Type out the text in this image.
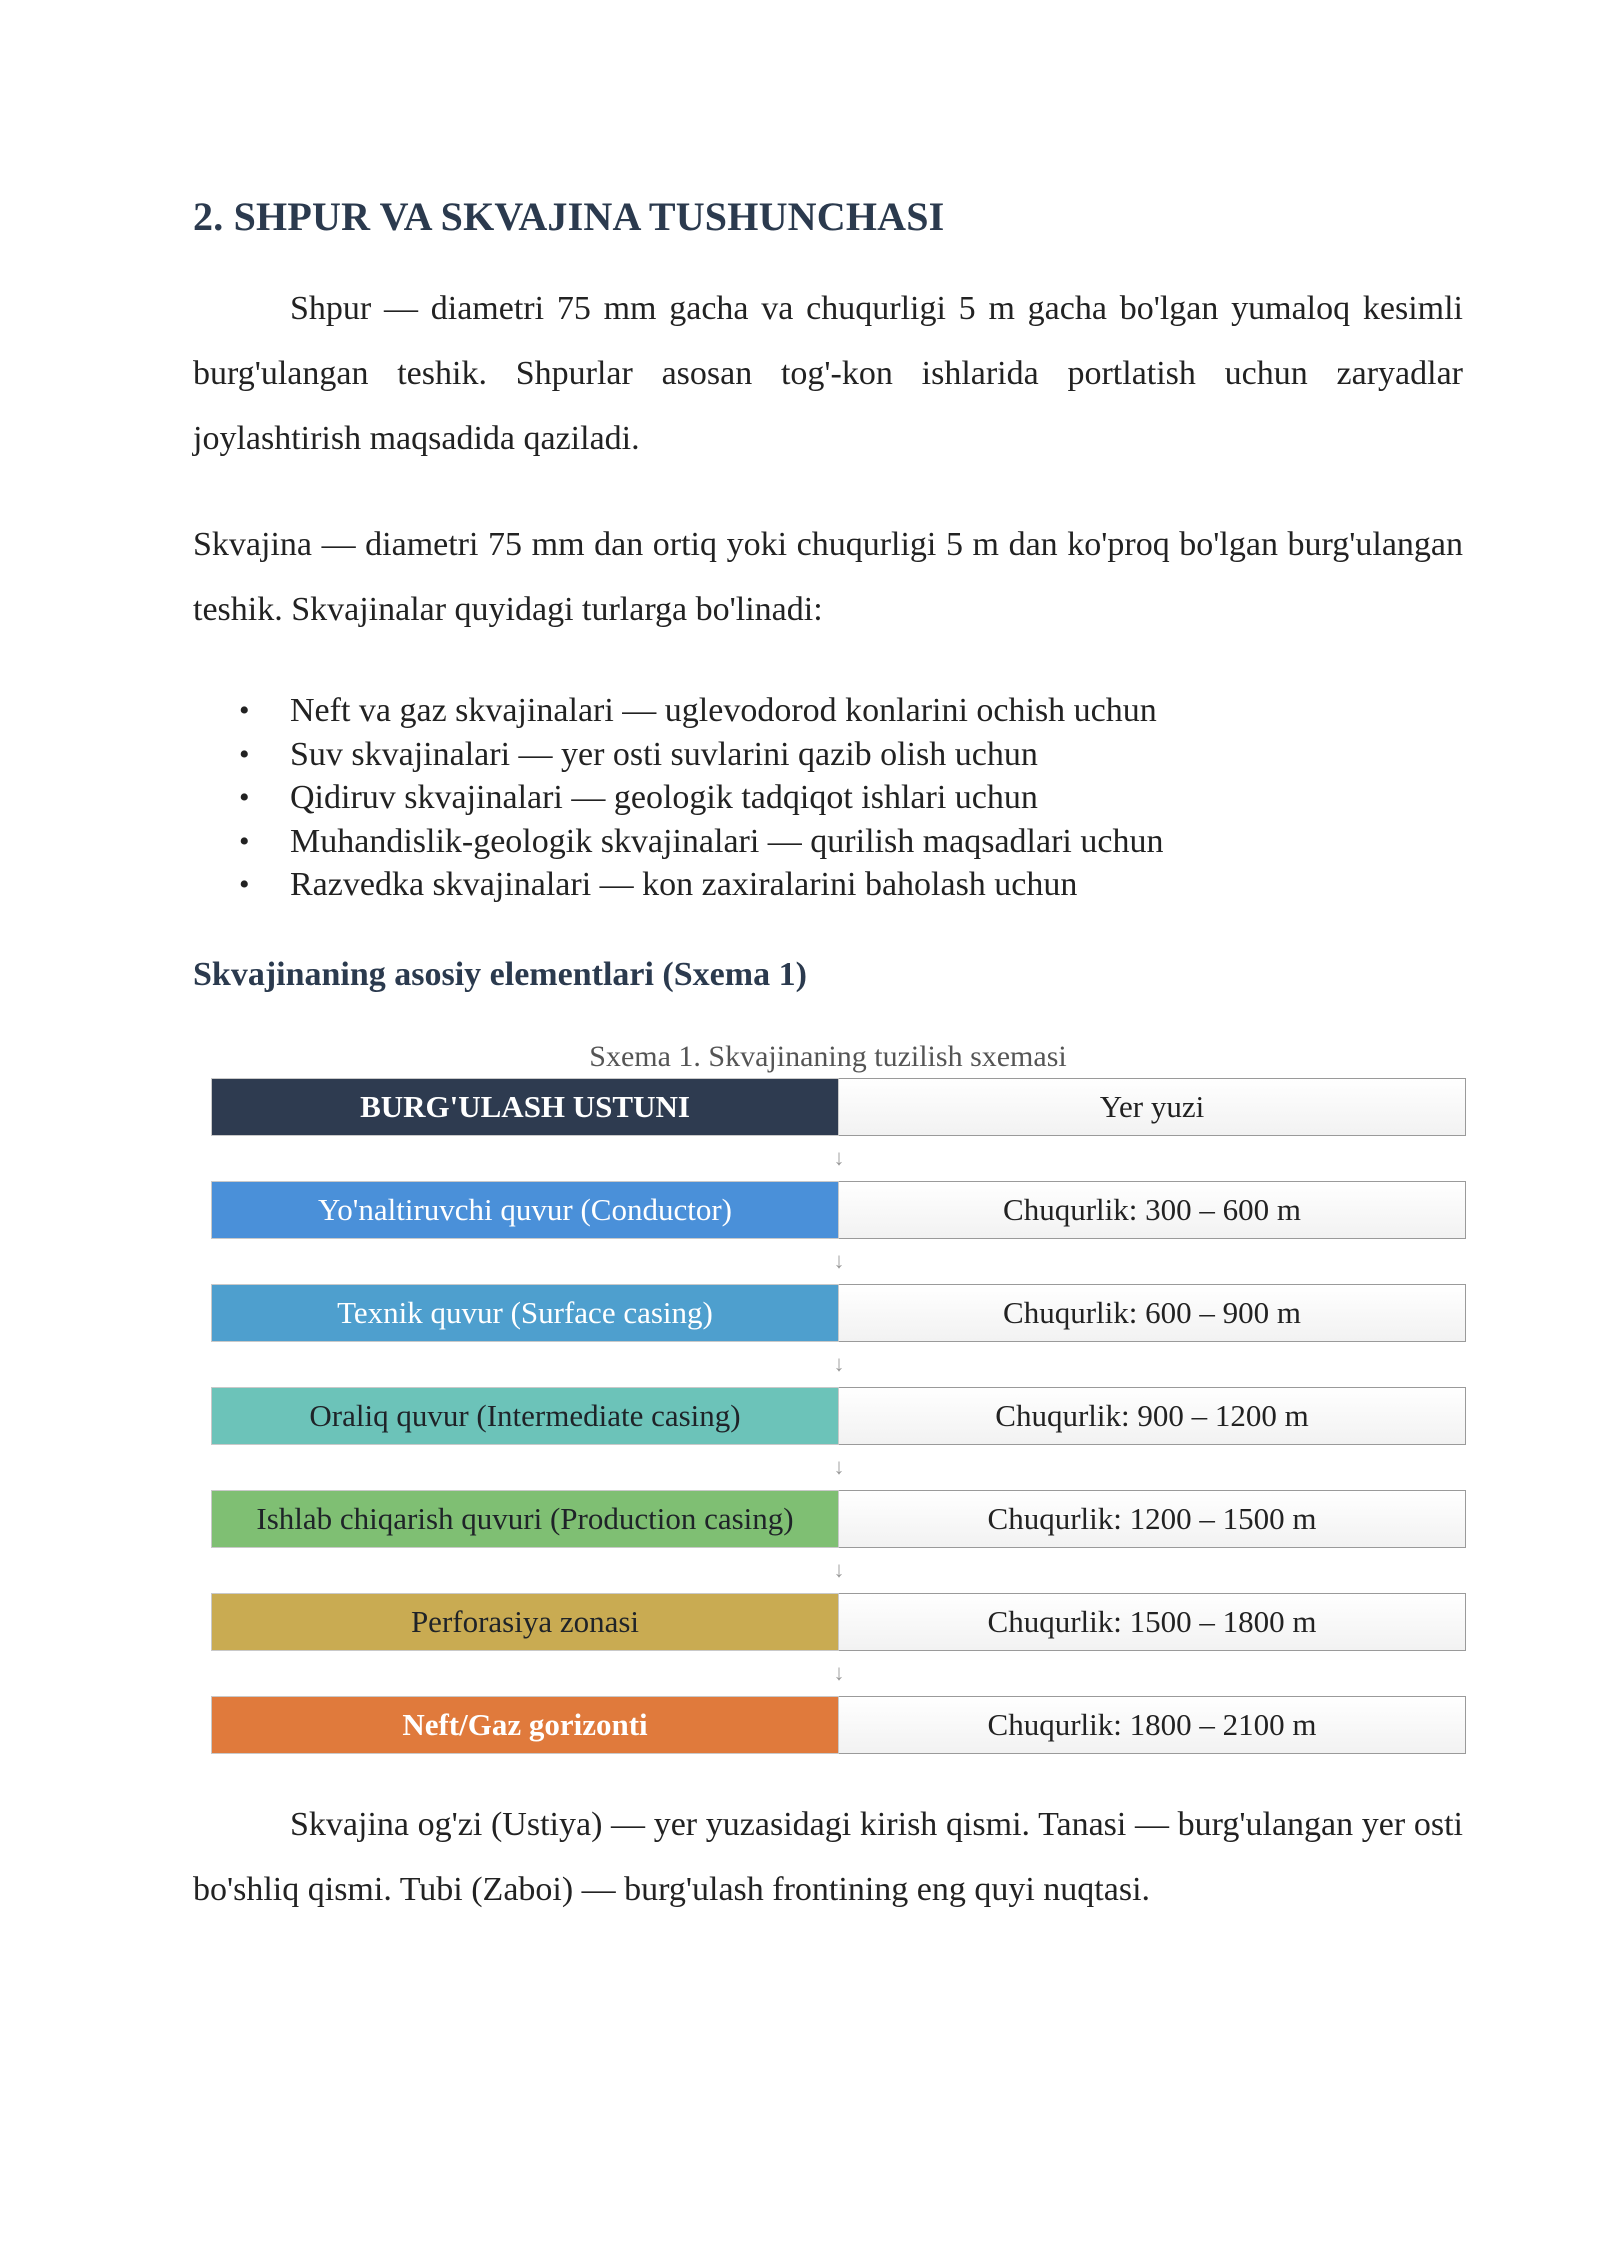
2. SHPUR VA SKVAJINA TUSHUNCHASI
Shpur — diametri 75 mm gacha va chuqurligi 5 m gacha bo'lgan yumaloq kesimli burg'ulangan teshik. Shpurlar asosan tog'-kon ishlarida portlatish uchun zaryadlar joylashtirish maqsadida qaziladi.
Skvajina — diametri 75 mm dan ortiq yoki chuqurligi 5 m dan ko'proq bo'lgan burg'ulangan teshik. Skvajinalar quyidagi turlarga bo'linadi:
• Neft va gaz skvajinalari — uglevodorod konlarini ochish uchun
• Suv skvajinalari — yer osti suvlarini qazib olish uchun
• Qidiruv skvajinalari — geologik tadqiqot ishlari uchun
• Muhandislik-geologik skvajinalari — qurilish maqsadlari uchun
• Razvedka skvajinalari — kon zaxiralarini baholash uchun
Skvajinaning asosiy elementlari (Sxema 1)
Sxema 1. Skvajinaning tuzilish sxemasi
BURG'ULASH USTUNI	Yer yuzi
↓
Yo'naltiruvchi quvur (Conductor)	Chuqurlik: 300 – 600 m
↓
Texnik quvur (Surface casing)	Chuqurlik: 600 – 900 m
↓
Oraliq quvur (Intermediate casing)	Chuqurlik: 900 – 1200 m
↓
Ishlab chiqarish quvuri (Production casing)	Chuqurlik: 1200 – 1500 m
↓
Perforasiya zonasi	Chuqurlik: 1500 – 1800 m
↓
Neft/Gaz gorizonti	Chuqurlik: 1800 – 2100 m
Skvajina og'zi (Ustiya) — yer yuzasidagi kirish qismi. Tanasi — burg'ulangan yer osti bo'shliq qismi. Tubi (Zaboi) — burg'ulash frontining eng quyi nuqtasi.
